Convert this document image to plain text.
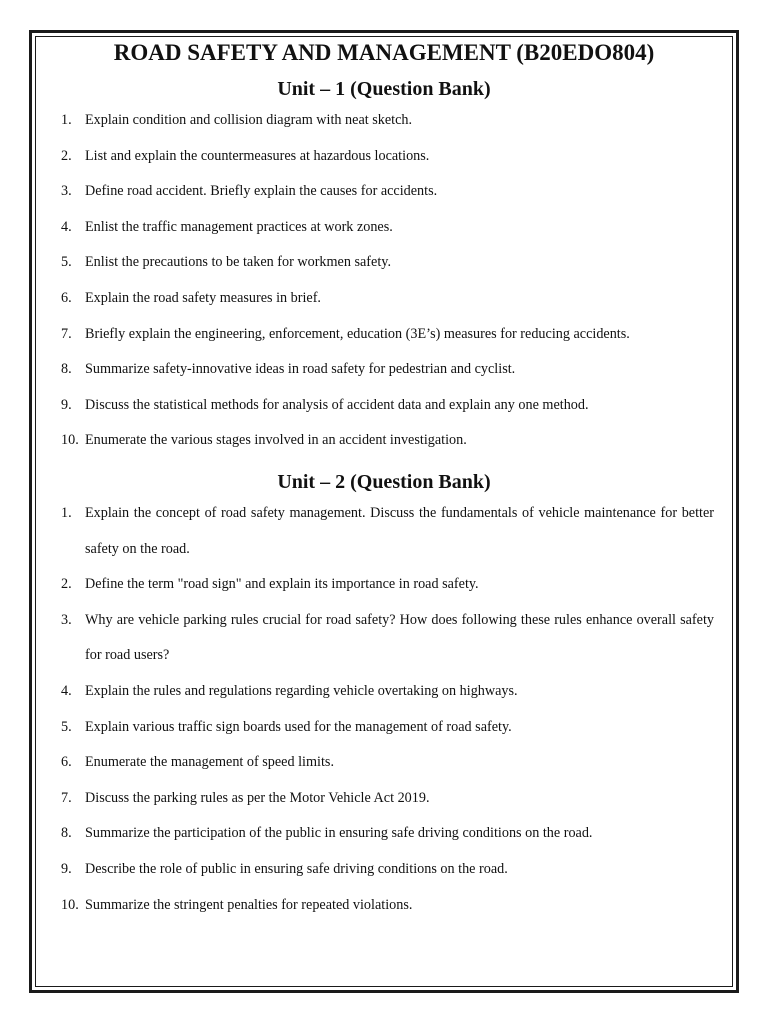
ROAD SAFETY AND MANAGEMENT (B20EDO804)
Unit – 1 (Question Bank)
1. Explain condition and collision diagram with neat sketch.
2. List and explain the countermeasures at hazardous locations.
3. Define road accident. Briefly explain the causes for accidents.
4. Enlist the traffic management practices at work zones.
5. Enlist the precautions to be taken for workmen safety.
6. Explain the road safety measures in brief.
7. Briefly explain the engineering, enforcement, education (3E’s) measures for reducing accidents.
8. Summarize safety-innovative ideas in road safety for pedestrian and cyclist.
9. Discuss the statistical methods for analysis of accident data and explain any one method.
10. Enumerate the various stages involved in an accident investigation.
Unit – 2 (Question Bank)
1. Explain the concept of road safety management. Discuss the fundamentals of vehicle maintenance for better safety on the road.
2. Define the term "road sign" and explain its importance in road safety.
3. Why are vehicle parking rules crucial for road safety? How does following these rules enhance overall safety for road users?
4. Explain the rules and regulations regarding vehicle overtaking on highways.
5. Explain various traffic sign boards used for the management of road safety.
6. Enumerate the management of speed limits.
7. Discuss the parking rules as per the Motor Vehicle Act 2019.
8. Summarize the participation of the public in ensuring safe driving conditions on the road.
9. Describe the role of public in ensuring safe driving conditions on the road.
10. Summarize the stringent penalties for repeated violations.
